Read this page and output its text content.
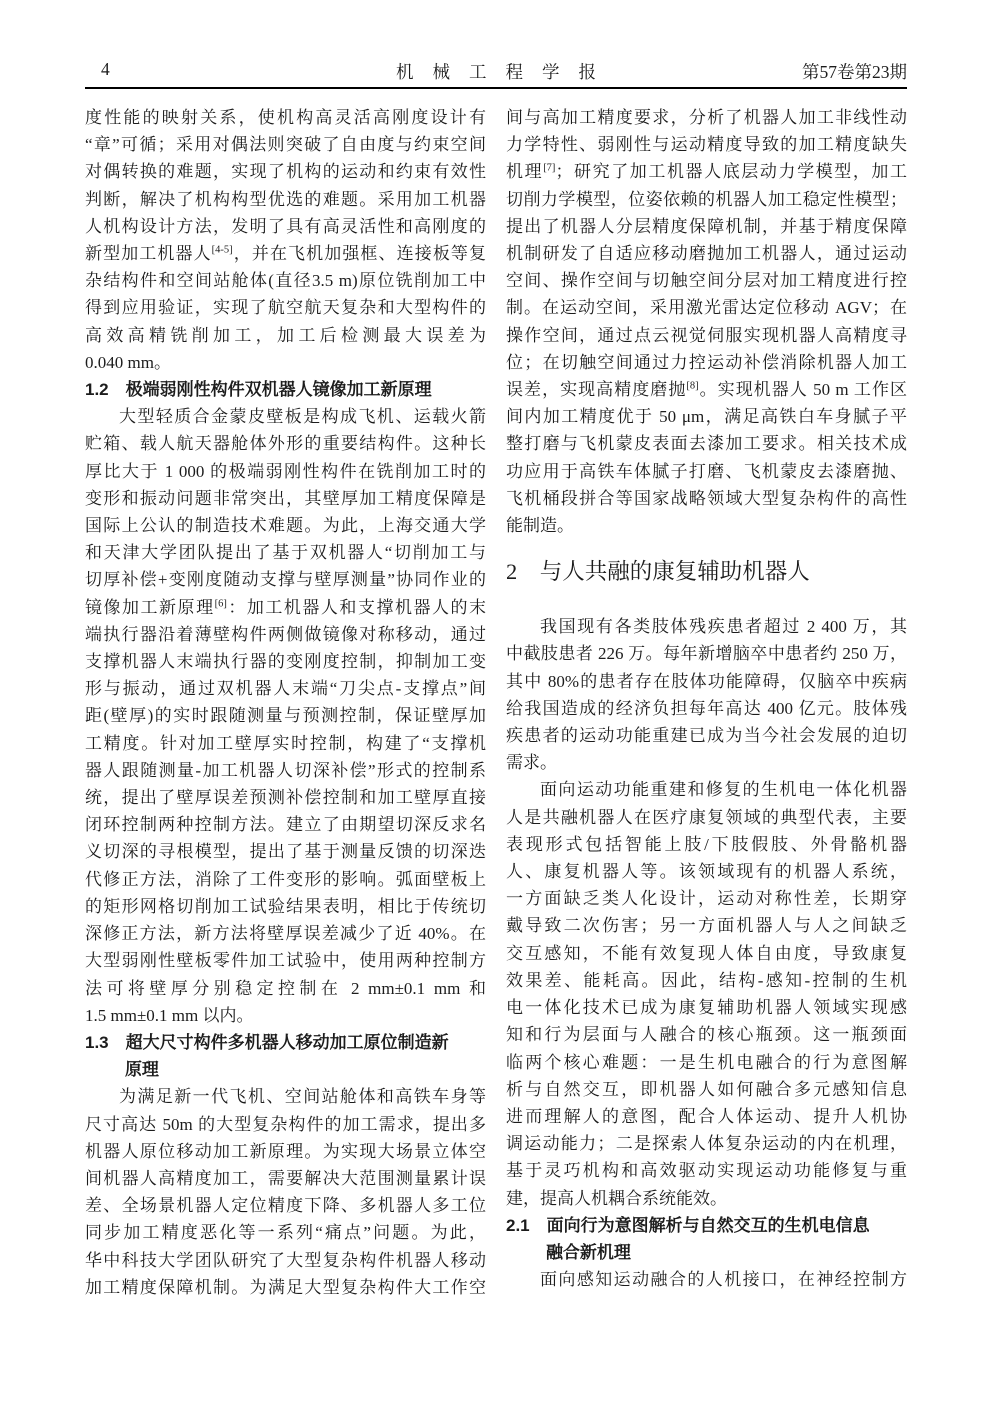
4	机械工程学报	第57卷第23期
度性能的映射关系，使机构高灵活高刚度设计有
“章”可循；采用对偶法则突破了自由度与约束空间
对偶转换的难题，实现了机构的运动和约束有效性
判断，解决了机构构型优选的难题。采用加工机器
人机构设计方法，发明了具有高灵活性和高刚度的
新型加工机器人[4-5]，并在飞机加强框、连接板等复
杂结构件和空间站舱体(直径3.5 m)原位铣削加工中
得到应用验证，实现了航空航天复杂和大型构件的
高效高精铣削加工，加工后检测最大误差为
0.040 mm。
1.2　极端弱刚性构件双机器人镜像加工新原理
大型轻质合金蒙皮壁板是构成飞机、运载火箭
贮箱、载人航天器舱体外形的重要结构件。这种长
厚比大于 1 000 的极端弱刚性构件在铣削加工时的
变形和振动问题非常突出，其壁厚加工精度保障是
国际上公认的制造技术难题。为此，上海交通大学
和天津大学团队提出了基于双机器人“切削加工与
切厚补偿+变刚度随动支撑与壁厚测量”协同作业的
镜像加工新原理[6]：加工机器人和支撑机器人的末
端执行器沿着薄壁构件两侧做镜像对称移动，通过
支撑机器人末端执行器的变刚度控制，抑制加工变
形与振动，通过双机器人末端“刀尖点-支撑点”间
距(壁厚)的实时跟随测量与预测控制，保证壁厚加
工精度。针对加工壁厚实时控制，构建了“支撑机
器人跟随测量-加工机器人切深补偿”形式的控制系
统，提出了壁厚误差预测补偿控制和加工壁厚直接
闭环控制两种控制方法。建立了由期望切深反求名
义切深的寻根模型，提出了基于测量反馈的切深迭
代修正方法，消除了工件变形的影响。弧面壁板上
的矩形网格切削加工试验结果表明，相比于传统切
深修正方法，新方法将壁厚误差减少了近 40%。在
大型弱刚性壁板零件加工试验中，使用两种控制方
法可将壁厚分别稳定控制在 2 mm±0.1 mm 和
1.5 mm±0.1 mm 以内。
1.3　超大尺寸构件多机器人移动加工原位制造新
原理
为满足新一代飞机、空间站舱体和高铁车身等
尺寸高达 50m 的大型复杂构件的加工需求，提出多
机器人原位移动加工新原理。为实现大场景立体空
间机器人高精度加工，需要解决大范围测量累计误
差、全场景机器人定位精度下降、多机器人多工位
同步加工精度恶化等一系列“痛点”问题。为此，
华中科技大学团队研究了大型复杂构件机器人移动
加工精度保障机制。为满足大型复杂构件大工作空
间与高加工精度要求，分析了机器人加工非线性动
力学特性、弱刚性与运动精度导致的加工精度缺失
机理[7]；研究了加工机器人底层动力学模型，加工
切削力学模型，位姿依赖的机器人加工稳定性模型；
提出了机器人分层精度保障机制，并基于精度保障
机制研发了自适应移动磨抛加工机器人，通过运动
空间、操作空间与切触空间分层对加工精度进行控
制。在运动空间，采用激光雷达定位移动 AGV；在
操作空间，通过点云视觉伺服实现机器人高精度寻
位；在切触空间通过力控运动补偿消除机器人加工
误差，实现高精度磨抛[8]。实现机器人 50 m 工作区
间内加工精度优于 50 μm，满足高铁白车身腻子平
整打磨与飞机蒙皮表面去漆加工要求。相关技术成
功应用于高铁车体腻子打磨、飞机蒙皮去漆磨抛、
飞机桶段拼合等国家战略领域大型复杂构件的高性
能制造。
2　与人共融的康复辅助机器人
我国现有各类肢体残疾患者超过 2 400 万，其
中截肢患者 226 万。每年新增脑卒中患者约 250 万，
其中 80%的患者存在肢体功能障碍，仅脑卒中疾病
给我国造成的经济负担每年高达 400 亿元。肢体残
疾患者的运动功能重建已成为当今社会发展的迫切
需求。
面向运动功能重建和修复的生机电一体化机器
人是共融机器人在医疗康复领域的典型代表，主要
表现形式包括智能上肢/下肢假肢、外骨骼机器
人、康复机器人等。该领域现有的机器人系统，
一方面缺乏类人化设计，运动对称性差，长期穿
戴导致二次伤害；另一方面机器人与人之间缺乏
交互感知，不能有效复现人体自由度，导致康复
效果差、能耗高。因此，结构-感知-控制的生机
电一体化技术已成为康复辅助机器人领域实现感
知和行为层面与人融合的核心瓶颈。这一瓶颈面
临两个核心难题：一是生机电融合的行为意图解
析与自然交互，即机器人如何融合多元感知信息
进而理解人的意图，配合人体运动、提升人机协
调运动能力；二是探索人体复杂运动的内在机理，
基于灵巧机构和高效驱动实现运动功能修复与重
建，提高人机耦合系统能效。
2.1　面向行为意图解析与自然交互的生机电信息
融合新机理
面向感知运动融合的人机接口，在神经控制方
